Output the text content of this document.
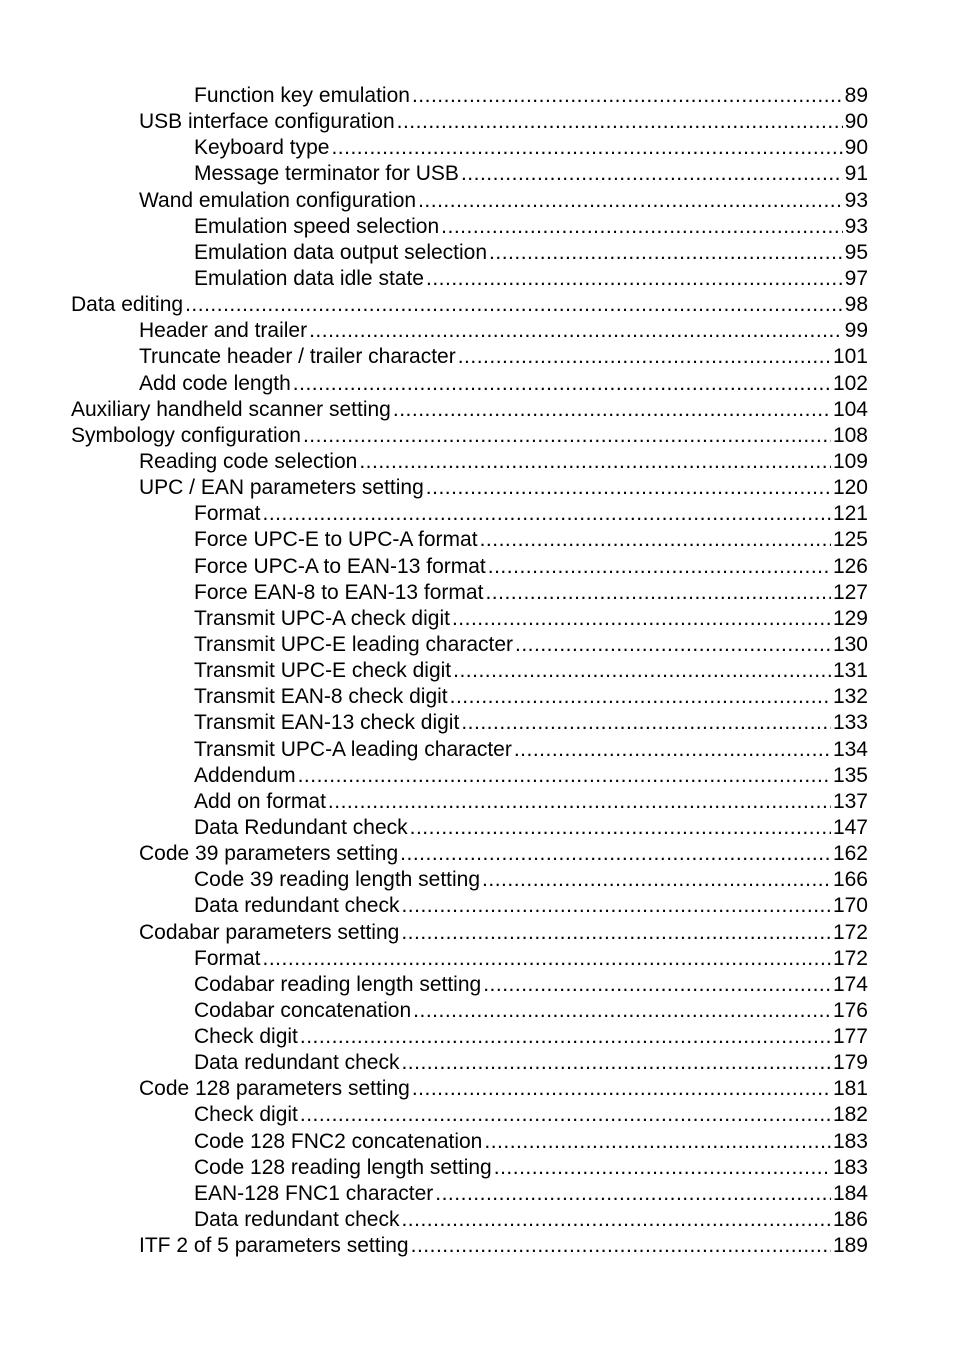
Function key emulation .....	89
USB interface configuration .....	90
Keyboard type .....	90
Message terminator for USB .....	91
Wand emulation configuration .....	93
Emulation speed selection .....	93
Emulation data output selection .....	95
Emulation data idle state .....	97
Data editing .....	98
Header and trailer .....	99
Truncate header / trailer character .....	101
Add code length .....	102
Auxiliary handheld scanner setting .....	104
Symbology configuration .....	108
Reading code selection .....	109
UPC / EAN parameters setting .....	120
Format .....	121
Force UPC-E to UPC-A format .....	125
Force UPC-A to EAN-13 format .....	126
Force EAN-8 to EAN-13 format .....	127
Transmit UPC-A check digit .....	129
Transmit UPC-E leading character .....	130
Transmit UPC-E check digit .....	131
Transmit EAN-8 check digit .....	132
Transmit EAN-13 check digit .....	133
Transmit UPC-A leading character .....	134
Addendum .....	135
Add on format .....	137
Data Redundant check .....	147
Code 39 parameters setting .....	162
Code 39 reading length setting .....	166
Data redundant check .....	170
Codabar parameters setting .....	172
Format .....	172
Codabar reading length setting .....	174
Codabar concatenation .....	176
Check digit .....	177
Data redundant check .....	179
Code 128 parameters setting .....	181
Check digit .....	182
Code 128 FNC2 concatenation .....	183
Code 128 reading length setting .....	183
EAN-128 FNC1 character .....	184
Data redundant check .....	186
ITF 2 of 5 parameters setting .....	189
